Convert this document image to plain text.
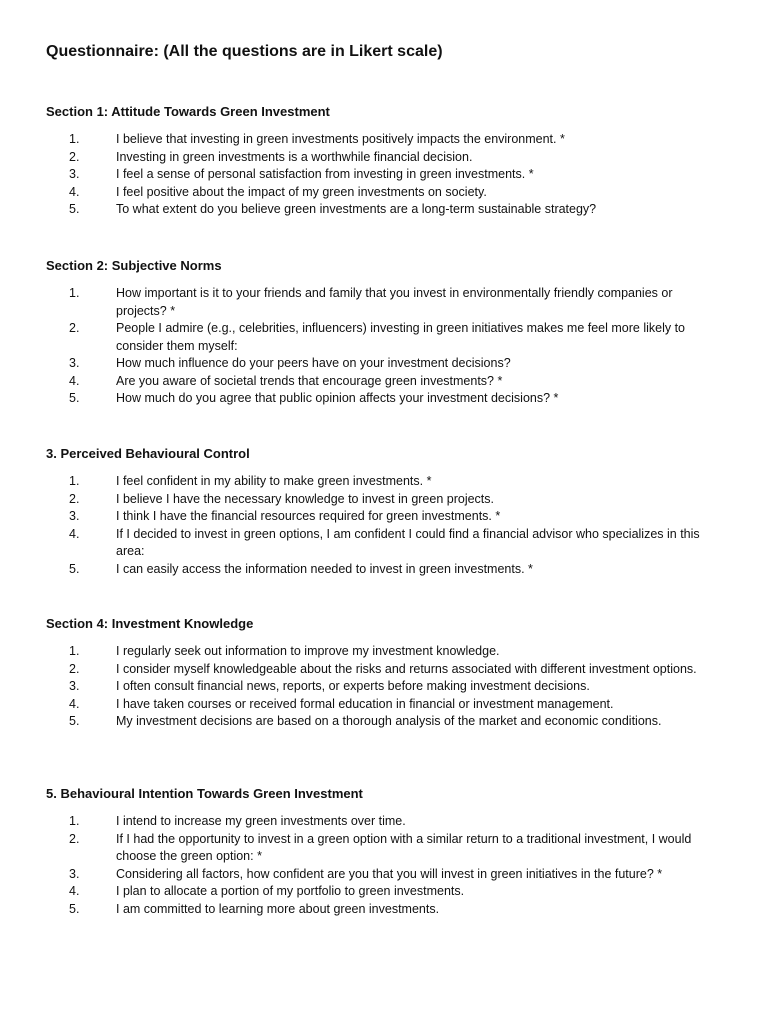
Questionnaire: (All the questions are in Likert scale)
Section 1: Attitude Towards Green Investment
1.	I believe that investing in green investments positively impacts the environment. *
2.	Investing in green investments is a worthwhile financial decision.
3.	I feel a sense of personal satisfaction from investing in green investments. *
4.	I feel positive about the impact of my green investments on society.
5.	To what extent do you believe green investments are a long-term sustainable strategy?
Section 2: Subjective Norms
1.	How important is it to your friends and family that you invest in environmentally friendly companies or projects? *
2.	People I admire (e.g., celebrities, influencers) investing in green initiatives makes me feel more likely to consider them myself:
3.	How much influence do your peers have on your investment decisions?
4.	Are you aware of societal trends that encourage green investments? *
5.	How much do you agree that public opinion affects your investment decisions? *
3. Perceived Behavioural Control
1.	I feel confident in my ability to make green investments. *
2.	I believe I have the necessary knowledge to invest in green projects.
3.	I think I have the financial resources required for green investments. *
4.	If I decided to invest in green options, I am confident I could find a financial advisor who specializes in this area:
5.	I can easily access the information needed to invest in green investments. *
Section 4: Investment Knowledge
1.	I regularly seek out information to improve my investment knowledge.
2.	I consider myself knowledgeable about the risks and returns associated with different investment options.
3.	I often consult financial news, reports, or experts before making investment decisions.
4.	I have taken courses or received formal education in financial or investment management.
5.	My investment decisions are based on a thorough analysis of the market and economic conditions.
5. Behavioural Intention Towards Green Investment
1.	I intend to increase my green investments over time.
2.	If I had the opportunity to invest in a green option with a similar return to a traditional investment, I would choose the green option: *
3.	Considering all factors, how confident are you that you will invest in green initiatives in the future? *
4.	I plan to allocate a portion of my portfolio to green investments.
5.	I am committed to learning more about green investments.
